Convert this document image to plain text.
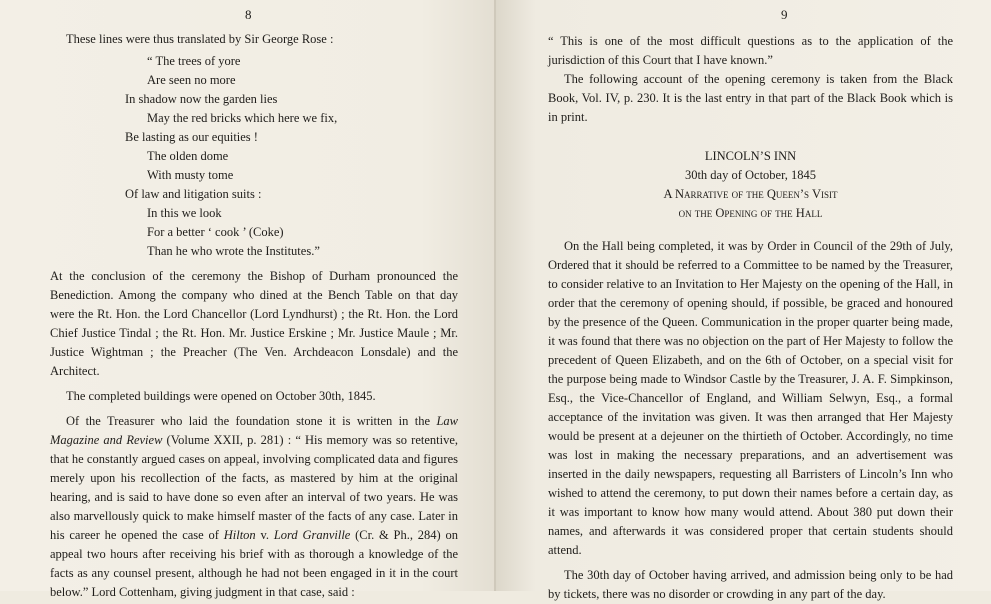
8

These lines were thus translated by Sir George Rose :

“ The trees of yore
Are seen no more
In shadow now the garden lies
May the red bricks which here we fix,
Be lasting as our equities !
The olden dome
With musty tome
Of law and litigation suits :
In this we look
For a better ‘ cook ’ (Coke)
Than he who wrote the Institutes.”

At the conclusion of the ceremony the Bishop of Durham pronounced the Benediction. Among the company who dined at the Bench Table on that day were the Rt. Hon. the Lord Chancellor (Lord Lyndhurst) ; the Rt. Hon. the Lord Chief Justice Tindal ; the Rt. Hon. Mr. Justice Erskine ; Mr. Justice Maule ; Mr. Justice Wightman ; the Preacher (The Ven. Archdeacon Lonsdale) and the Architect.

The completed buildings were opened on October 30th, 1845.

Of the Treasurer who laid the foundation stone it is written in the Law Magazine and Review (Volume XXII, p. 281) : “ His memory was so retentive, that he constantly argued cases on appeal, involving complicated data and figures merely upon his recollection of the facts, as mastered by him at the original hearing, and is said to have done so even after an interval of two years. He was also marvellously quick to make himself master of the facts of any case. Later in his career he opened the case of Hilton v. Lord Granville (Cr. & Ph., 284) on appeal two hours after receiving his brief with as thorough a knowledge of the facts as any counsel present, although he had not been engaged in it in the court below.” Lord Cottenham, giving judgment in that case, said :

9

“ This is one of the most difficult questions as to the application of the jurisdiction of this Court that I have known.”

The following account of the opening ceremony is taken from the Black Book, Vol. IV, p. 230. It is the last entry in that part of the Black Book which is in print.

LINCOLN’S INN

30th day of October, 1845

A Narrative of the Queen’s Visit

on the Opening of the Hall

On the Hall being completed, it was by Order in Council of the 29th of July, Ordered that it should be referred to a Committee to be named by the Treasurer, to consider relative to an Invitation to Her Majesty on the opening of the Hall, in order that the ceremony of opening should, if possible, be graced and honoured by the presence of the Queen. Communication in the proper quarter being made, it was found that there was no objection on the part of Her Majesty to follow the precedent of Queen Elizabeth, and on the 6th of October, on a special visit for the purpose being made to Windsor Castle by the Treasurer, J. A. F. Simpkinson, Esq., the Vice-Chancellor of England, and William Selwyn, Esq., a formal acceptance of the invitation was given. It was then arranged that Her Majesty would be present at a dejeuner on the thirtieth of October. Accordingly, no time was lost in making the necessary preparations, and an advertisement was inserted in the daily newspapers, requesting all Barristers of Lincoln’s Inn who wished to attend the ceremony, to put down their names before a certain day, as it was important to know how many would attend. About 380 put down their names, and afterwards it was considered proper that certain students should attend.

The 30th day of October having arrived, and admission being only to be had by tickets, there was no disorder or crowding in any part of the day.
